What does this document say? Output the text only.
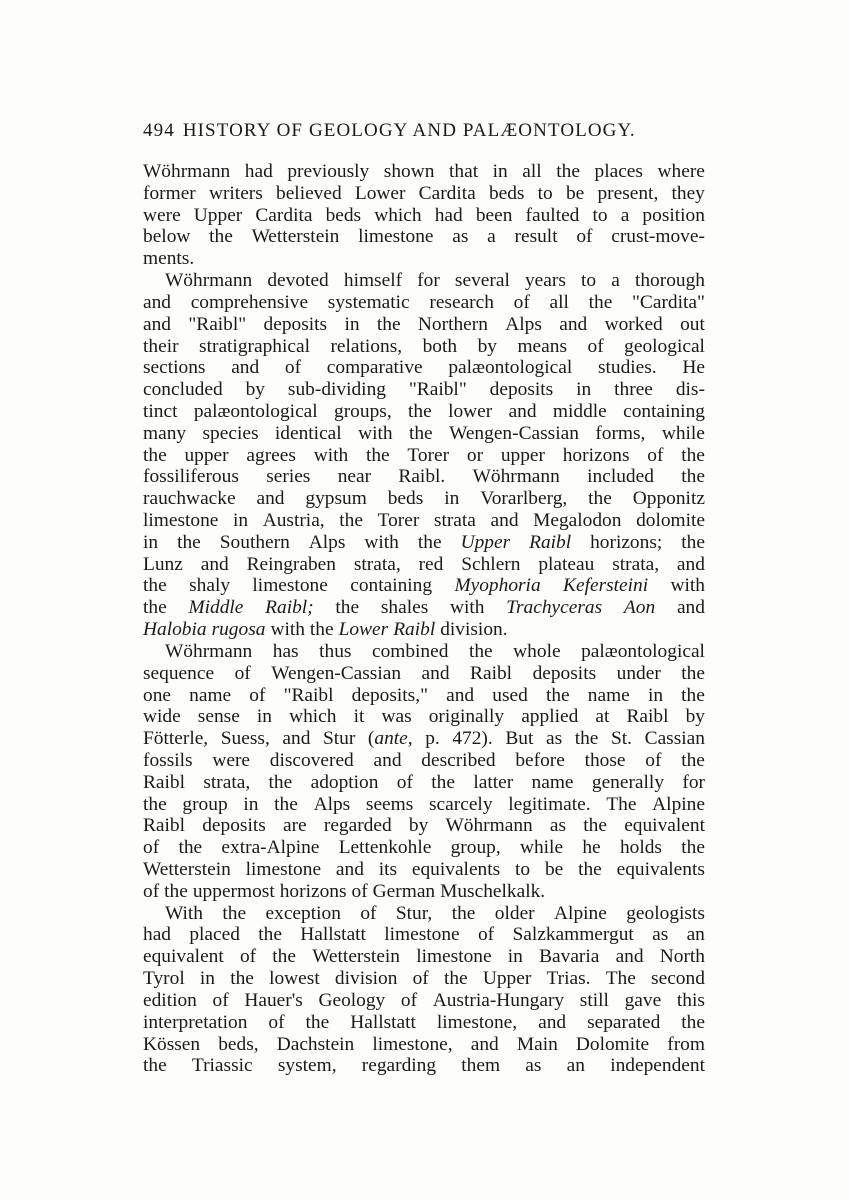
494 HISTORY OF GEOLOGY AND PALÆONTOLOGY.
Wöhrmann had previously shown that in all the places where
former writers believed Lower Cardita beds to be present, they
were Upper Cardita beds which had been faulted to a position
below the Wetterstein limestone as a result of crust-move-
ments.
Wöhrmann devoted himself for several years to a thorough
and comprehensive systematic research of all the "Cardita"
and "Raibl" deposits in the Northern Alps and worked out
their stratigraphical relations, both by means of geological
sections and of comparative palæontological studies. He
concluded by sub-dividing "Raibl" deposits in three dis-
tinct palæontological groups, the lower and middle containing
many species identical with the Wengen-Cassian forms, while
the upper agrees with the Torer or upper horizons of the
fossiliferous series near Raibl. Wöhrmann included the
rauchwacke and gypsum beds in Vorarlberg, the Opponitz
limestone in Austria, the Torer strata and Megalodon dolomite
in the Southern Alps with the Upper Raibl horizons; the
Lunz and Reingraben strata, red Schlern plateau strata, and
the shaly limestone containing Myophoria Kefersteini with
the Middle Raibl; the shales with Trachyceras Aon and
Halobia rugosa with the Lower Raibl division.
Wöhrmann has thus combined the whole palæontological
sequence of Wengen-Cassian and Raibl deposits under the
one name of "Raibl deposits," and used the name in the
wide sense in which it was originally applied at Raibl by
Fötterle, Suess, and Stur (ante, p. 472). But as the St. Cassian
fossils were discovered and described before those of the
Raibl strata, the adoption of the latter name generally for
the group in the Alps seems scarcely legitimate. The Alpine
Raibl deposits are regarded by Wöhrmann as the equivalent
of the extra-Alpine Lettenkohle group, while he holds the
Wetterstein limestone and its equivalents to be the equivalents
of the uppermost horizons of German Muschelkalk.
With the exception of Stur, the older Alpine geologists
had placed the Hallstatt limestone of Salzkammergut as an
equivalent of the Wetterstein limestone in Bavaria and North
Tyrol in the lowest division of the Upper Trias. The second
edition of Hauer's Geology of Austria-Hungary still gave this
interpretation of the Hallstatt limestone, and separated the
Kössen beds, Dachstein limestone, and Main Dolomite from
the Triassic system, regarding them as an independent
